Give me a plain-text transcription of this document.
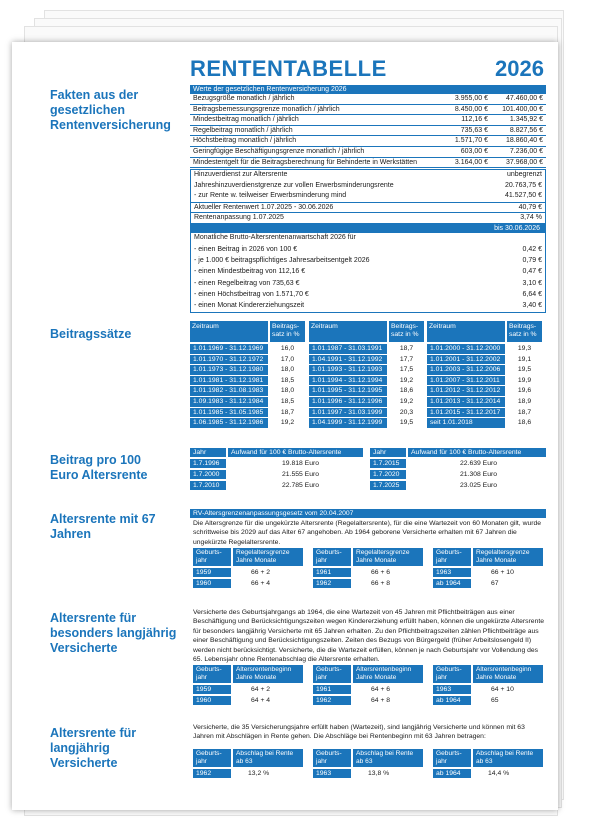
RENTENTABELLE	2026
Fakten aus der gesetzlichen Rentenversicherung
Beitragssätze
Beitrag pro 100 Euro Altersrente
Altersrente mit 67 Jahren
Altersrente für besonders langjährig Versicherte
Altersrente für langjährig Versicherte
Werte der gesetzlichen Rentenversicherung 2026
Bezugsgröße monatlich / jährlich	3.955,00 €	47.460,00 €
Beitragsbemessungsgrenze monatlich / jährlich	8.450,00 € 101.400,00 €
Mindestbeitrag monatlich / jährlich	112,16 €	1.345,92 €
Regelbeitrag monatlich / jährlich	735,63 €	8.827,56 €
Höchstbeitrag monatlich / jährlich	1.571,70 €	18.860,40 €
Geringfügige Beschäftigungsgrenze monatlich / jährlich	603,00 €	7.236,00 €
Mindestentgelt für die Beitragsberechnung für Behinderte in Werkstätten	3.164,00 €	37.968,00 €
Hinzuverdienst zur Altersrente	unbegrenzt
Jahreshinzuverdienstgrenze zur vollen Erwerbsminderungsrente	20.763,75 €
- zur Rente w. teilweiser Erwerbsminderung mind	41.527,50 €
Aktueller Rentenwert 1.07.2025 - 30.06.2026	40,79 €
Rentenanpassung 1.07.2025	3,74 %
bis 30.06.2026
Monatliche Brutto-Altersrentenanwartschaft 2026 für
- einen Beitrag in 2026 von 100 €	0,42 €
- je 1.000 € beitragspflichtiges Jahresarbeitsentgelt 2026	0,79 €
- einen Mindestbeitrag von 112,16 €	0,47 €
- einen Regelbeitrag von 735,63 €	3,10 €
- einen Höchstbeitrag von 1.571,70 €	6,64 €
- einen Monat Kindererziehungszeit	3,40 €
Zeitraum	Beitrags- satz in %
1.01.1969 - 31.12.1969	16,0
1.01.1970 - 31.12.1972	17,0
1.01.1973 - 31.12.1980	18,0
1.01.1981 - 31.12.1981	18,5
1.01.1982 - 31.08.1983	18,0
1.09.1983 - 31.12.1984	18,5
1.01.1985 - 31.05.1985	18,7
1.06.1985 - 31.12.1986	19,2
Zeitraum	Beitrags- satz in %
1.01.1987 - 31.03.1991	18,7
1.04.1991 - 31.12.1992	17,7
1.01.1993 - 31.12.1993	17,5
1.01.1994 - 31.12.1994	19,2
1.01.1995 - 31.12.1995	18,6
1.01.1996 - 31.12.1996	19,2
1.01.1997 - 31.03.1999	20,3
1.04.1999 - 31.12.1999	19,5
Zeitraum	Beitrags- satz in %
1.01.2000 - 31.12.2000	19,3
1.01.2001 - 31.12.2002	19,1
1.01.2003 - 31.12.2006	19,5
1.01.2007 - 31.12.2011	19,9
1.01.2012 - 31.12.2012	19,6
1.01.2013 - 31.12.2014	18,9
1.01.2015 - 31.12.2017	18,7
seit 1.01.2018	18,6
Jahr	Aufwand für 100 € Brutto-Altersrente
1.7.1996	19.818 Euro
1.7.2000	21.555 Euro
1.7.2010	22.785 Euro
Jahr	Aufwand für 100 € Brutto-Altersrente
1.7.2015	22.639 Euro
1.7.2020	21.308 Euro
1.7.2025	23.025 Euro
RV-Altersgrenzenanpassungsgesetz vom 20.04.2007
Die Altersgrenze für die ungekürzte Altersrente (Regelaltersrente), für die eine Wartezeit von 60 Monaten gilt, wurde schrittweise bis 2029 auf das Alter 67 angehoben. Ab 1964 geborene Versicherte erhalten mit 67 Jahren die ungekürzte Regelaltersrente.
Geburts- jahr
Regelaltersgrenze Jahre Monate
1959	66 + 2
1960	66 + 4
Geburts- jahr
Regelaltersgrenze Jahre Monate
1961	66 + 6
1962	66 + 8
Geburts- jahr
Regelaltersgrenze Jahre Monate
1963	66 + 10
ab 1964	67
Versicherte des Geburtsjahrgangs ab 1964, die eine Wartezeit von 45 Jahren mit Pflichtbeiträgen aus einer Beschäftigung und Berücksichtigungszeiten wegen Kindererziehung erfüllt haben, können die ungekürzte Altersrente für besonders langjährig Versicherte mit 65 Jahren erhalten. Zu den Pflichtbeitragszeiten zählen Pflichtbeiträge aus einer Beschäftigung und Berücksichtigungszeiten. Zeiten des Bezugs von Bürgergeld (früher Arbeitslosengeld II) werden nicht berücksichtigt. Versicherte, die die Wartezeit erfüllen, können je nach Geburtsjahr vor Vollendung des 65. Lebensjahr ohne Rentenabschlag die Altersrente erhalten.
Geburts- jahr
Altersrentenbeginn Jahre Monate
1959	64 + 2
1960	64 + 4
Geburts- jahr
Altersrentenbeginn Jahre Monate
1961	64 + 6
1962	64 + 8
Geburts- jahr
Altersrentenbeginn Jahre Monate
1963	64 + 10
ab 1964	65
Versicherte, die 35 Versicherungsjahre erfüllt haben (Wartezeit), sind langjährig Versicherte und können mit 63 Jahren mit Abschlägen in Rente gehen. Die Abschläge bei Rentenbeginn mit 63 Jahren betragen:
Geburts- jahr
Abschlag bei Rente ab 63
1962	13,2 %
Geburts- jahr
Abschlag bei Rente ab 63
1963	13,8 %
Geburts- jahr
Abschlag bei Rente ab 63
ab 1964	14,4 %
